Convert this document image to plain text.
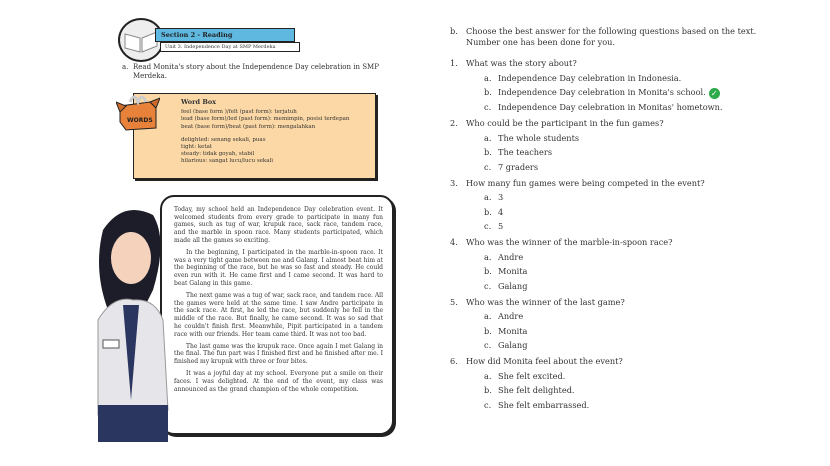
Section 2 - Reading
Unit 3. Independence Day at SMP Merdeka
a. Read Monita's story about the Independence Day celebration in SMP Merdeka.
Word Box
feel (base form )/felt (past form): terjatuh
lead (base form)/led (past form): memimpin, posisi terdepan
beat (base form)/beat (past form): mengalahkan
delighted: senang sekali, puas
tight: ketat
steady: tidak goyah, stabil
hilarious: sangat lucu/lucu sekali
WORDS

Today, my school held an Independence Day celebration event. It welcomed students from every grade to participate in many fun games, such as tug of war, krupuk race, sack race, tandem race, and the marble in spoon race. Many students participated, which made all the games so exciting.

In the beginning, I participated in the marble-in-spoon race. It was a very tight game between me and Galang. I almost beat him at the beginning of the race, but he was so fast and steady. He could even run with it. He came first and I came second. It was hard to beat Galang in this game.

The next game was a tug of war, sack race, and tandem race. All the games were held at the same time. I saw Andre participate in the sack race. At first, he led the race, but suddenly he fell in the middle of the race. But finally, he came second. It was so sad that he couldn't finish first. Meanwhile, Pipit participated in a tandem race with our friends. Her team came third. It was not too bad.

The last game was the krupuk race. Once again I met Galang in the final. The fun part was I finished first and he finished after me. I finished my krupuk with three or four bites.

It was a joyful day at my school. Everyone put a smile on their faces. I was delighted. At the end of the event, my class was announced as the grand champion of the whole competition.

b. Choose the best answer for the following questions based on the text. Number one has been done for you.
1. What was the story about?
a. Independence Day celebration in Indonesia.
b. Independence Day celebration in Monita's school. ✓
c. Independence Day celebration in Monitas' hometown.
2. Who could be the participant in the fun games?
a. The whole students
b. The teachers
c. 7 graders
3. How many fun games were being competed in the event?
a. 3
b. 4
c. 5
4. Who was the winner of the marble-in-spoon race?
a. Andre
b. Monita
c. Galang
5. Who was the winner of the last game?
a. Andre
b. Monita
c. Galang
6. How did Monita feel about the event?
a. She felt excited.
b. She felt delighted.
c. She felt embarrassed.
